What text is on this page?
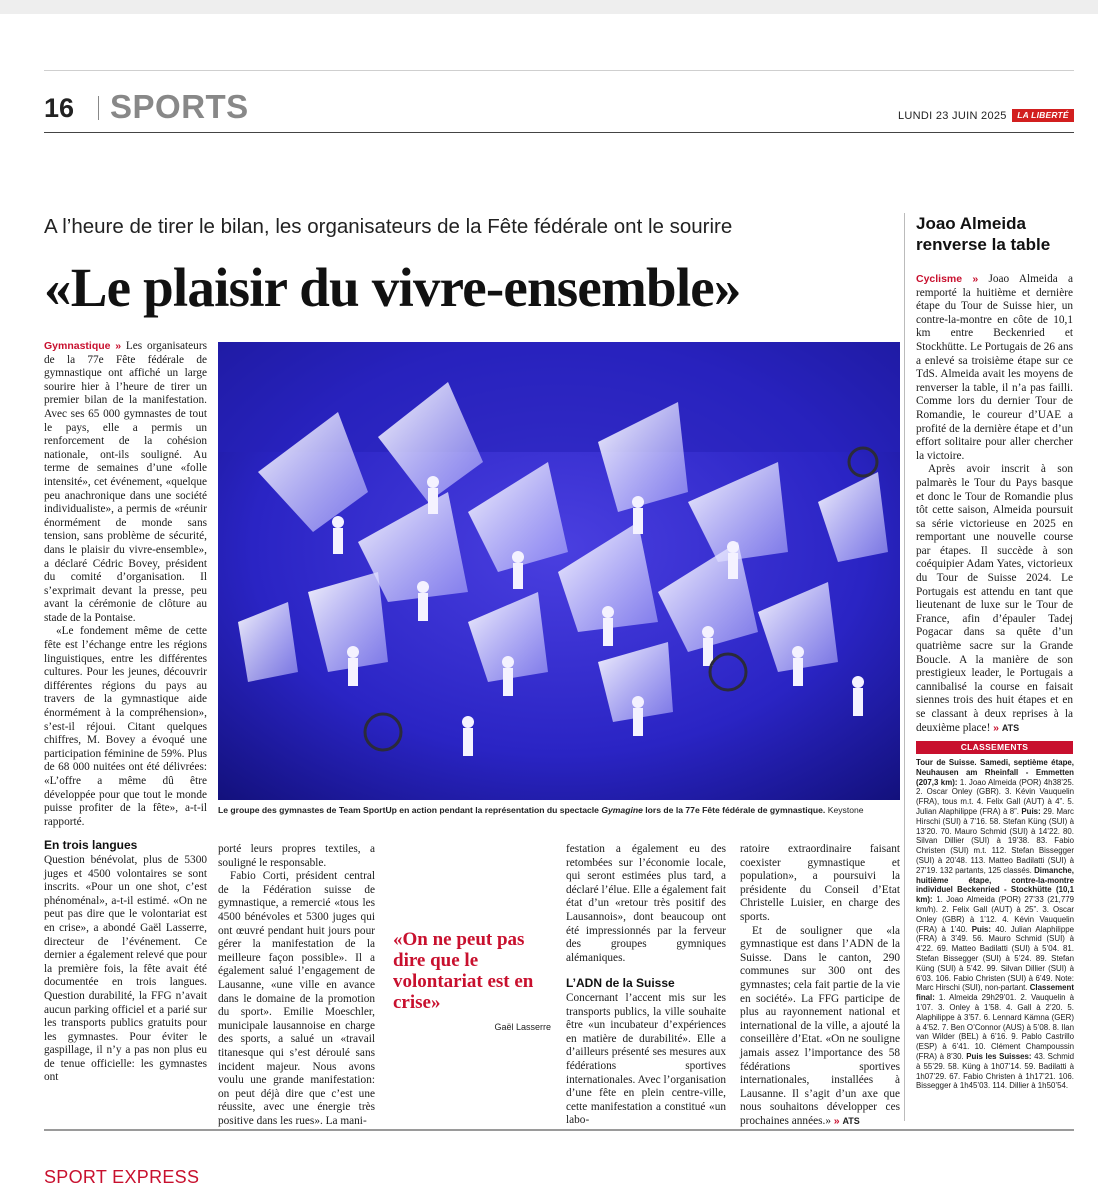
16 SPORTS	LUNDI 23 JUIN 2025	LA LIBERTÉ
A l’heure de tirer le bilan, les organisateurs de la Fête fédérale ont le sourire
«Le plaisir du vivre-ensemble»

Gymnastique » Les organisateurs de la 77e Fête fédérale de gymnastique ont affiché un large sourire hier à l’heure de tirer un premier bilan de la manifestation. Avec ses 65 000 gymnastes de tout le pays, elle a permis un renforcement de la cohésion nationale, ont-ils souligné. Au terme de semaines d’une «folle intensité», cet événement, «quelque peu anachronique dans une société individualiste», a permis de «réunir énormément de monde sans tension, sans problème de sécurité, dans le plaisir du vivre-ensemble», a déclaré Cédric Bovey, président du comité d’organisation. Il s’exprimait devant la presse, peu avant la cérémonie de clôture au stade de la Pontaise.

«Le fondement même de cette fête est l’échange entre les régions linguistiques, entre les différentes cultures. Pour les jeunes, découvrir différentes régions du pays au travers de la gymnastique aide énormément à la compréhension», s’est-il réjoui. Citant quelques chiffres, M. Bovey a évoqué une participation féminine de 59%. Plus de 68 000 nuitées ont été délivrées: «L’offre a même dû être développée pour que tout le monde puisse profiter de la fête», a-t-il rapporté.

En trois langues

Question bénévolat, plus de 5300 juges et 4500 volontaires se sont inscrits. «Pour un one shot, c’est phénoménal», a-t-il estimé. «On ne peut pas dire que le volontariat est en crise», a abondé Gaël Lasserre, directeur de l’événement. Ce dernier a également relevé que pour la première fois, la fête avait été documentée en trois langues. Question durabilité, la FFG n’avait aucun parking officiel et a parié sur les transports publics gratuits pour les gymnastes. Pour éviter le gaspillage, il n’y a pas non plus eu de tenue officielle: les gymnastes ont

Le groupe des gymnastes de Team SportUp en action pendant la représentation du spectacle Gymagine lors de la 77e Fête fédérale de gymnastique. Keystone

porté leurs propres textiles, a souligné le responsable.

Fabio Corti, président central de la Fédération suisse de gymnastique, a remercié «tous les 4500 bénévoles et 5300 juges qui ont œuvré pendant huit jours pour gérer la manifestation de la meilleure façon possible». Il a également salué l’engagement de Lausanne, «une ville en avance dans le domaine de la promotion du sport». Emilie Moeschler, municipale lausannoise en charge des sports, a salué un «travail titanesque qui s’est déroulé sans incident majeur. Nous avons voulu une grande manifestation: on peut déjà dire que c’est une réussite, avec une énergie très positive dans les rues». La mani-

«On ne peut pas dire que le volontariat est en crise»
Gaël Lasserre

festation a également eu des retombées sur l’économie locale, qui seront estimées plus tard, a déclaré l’élue. Elle a également fait état d’un «retour très positif des Lausannois», dont beaucoup ont été impressionnés par la ferveur des groupes gymniques alémaniques.

L’ADN de la Suisse

Concernant l’accent mis sur les transports publics, la ville souhaite être «un incubateur d’expériences en matière de durabilité». Elle a d’ailleurs présenté ses mesures aux fédérations sportives internationales. Avec l’organisation d’une fête en plein centre-ville, cette manifestation a constitué «un labo-

ratoire extraordinaire faisant coexister gymnastique et population», a poursuivi la présidente du Conseil d’Etat Christelle Luisier, en charge des sports.

Et de souligner que «la gymnastique est dans l’ADN de la Suisse. Dans le canton, 290 communes sur 300 ont des gymnastes; cela fait partie de la vie en société». La FFG participe de plus au rayonnement national et international de la ville, a ajouté la conseillère d’Etat. «On ne souligne jamais assez l’importance des 58 fédérations sportives internationales, installées à Lausanne. Il s’agit d’un axe que nous souhaitons développer ces prochaines années.» » ATS

Joao Almeida renverse la table

Cyclisme » Joao Almeida a remporté la huitième et dernière étape du Tour de Suisse hier, un contre-la-montre en côte de 10,1 km entre Beckenried et Stockhütte. Le Portugais de 26 ans a enlevé sa troisième étape sur ce TdS. Almeida avait les moyens de renverser la table, il n’a pas failli. Comme lors du dernier Tour de Romandie, le coureur d’UAE a profité de la dernière étape et d’un effort solitaire pour aller chercher la victoire.

Après avoir inscrit à son palmarès le Tour du Pays basque et donc le Tour de Romandie plus tôt cette saison, Almeida poursuit sa série victorieuse en 2025 en remportant une nouvelle course par étapes. Il succède à son coéquipier Adam Yates, victorieux du Tour de Suisse 2024. Le Portugais est attendu en tant que lieutenant de luxe sur le Tour de France, afin d’épauler Tadej Pogacar dans sa quête d’un quatrième sacre sur la Grande Boucle. A la manière de son prestigieux leader, le Portugais a cannibalisé la course en faisait siennes trois des huit étapes et en se classant à deux reprises à la deuxième place! » ATS

CLASSEMENTS
Tour de Suisse. Samedi, septième étape, Neuhausen am Rheinfall - Emmetten (207,3 km): 1. Joao Almeida (POR) 4h38’25. 2. Oscar Onley (GBR). 3. Kévin Vauquelin (FRA), tous m.t. 4. Felix Gall (AUT) à 4”. 5. Julian Alaphilippe (FRA) à 8”. Puis: 29. Marc Hirschi (SUI) à 7’16. 58. Stefan Küng (SUI) à 13’20. 70. Mauro Schmid (SUI) à 14’22. 80. Silvan Dillier (SUI) à 19’38. 83. Fabio Christen (SUI) m.t. 112. Stefan Bissegger (SUI) à 20’48. 113. Matteo Badilatti (SUI) à 27’19. 132 partants, 125 classés. Dimanche, huitième étape, contre-la-montre individuel Beckenried - Stockhütte (10,1 km): 1. Joao Almeida (POR) 27’33 (21,779 km/h). 2. Felix Gall (AUT) à 25”. 3. Oscar Onley (GBR) à 1’12. 4. Kévin Vauquelin (FRA) à 1’40. Puis: 40. Julian Alaphilippe (FRA) à 3’49. 56. Mauro Schmid (SUI) à 4’22. 69. Matteo Badilatti (SUI) à 5’04. 81. Stefan Bissegger (SUI) à 5’24. 89. Stefan Küng (SUI) à 5’42. 99. Silvan Dillier (SUI) à 6’03. 106. Fabio Christen (SUI) à 6’49. Note: Marc Hirschi (SUI), non-partant. Classement final: 1. Almeida 29h29’01. 2. Vauquelin à 1’07. 3. Onley à 1’58. 4. Gall à 2’20. 5. Alaphilippe à 3’57. 6. Lennard Kämna (GER) à 4’52. 7. Ben O’Connor (AUS) à 5’08. 8. Ilan van Wilder (BEL) à 6’16. 9. Pablo Castrillo (ESP) à 6’41. 10. Clément Champoussin (FRA) à 8’30. Puis les Suisses: 43. Schmid à 55’29. 58. Küng à 1h07’14. 59. Badilatti à 1h07’29. 67. Fabio Christen à 1h17’21. 106. Bissegger à 1h45’03. 114. Dillier à 1h50’54.
SPORT EXPRESS
